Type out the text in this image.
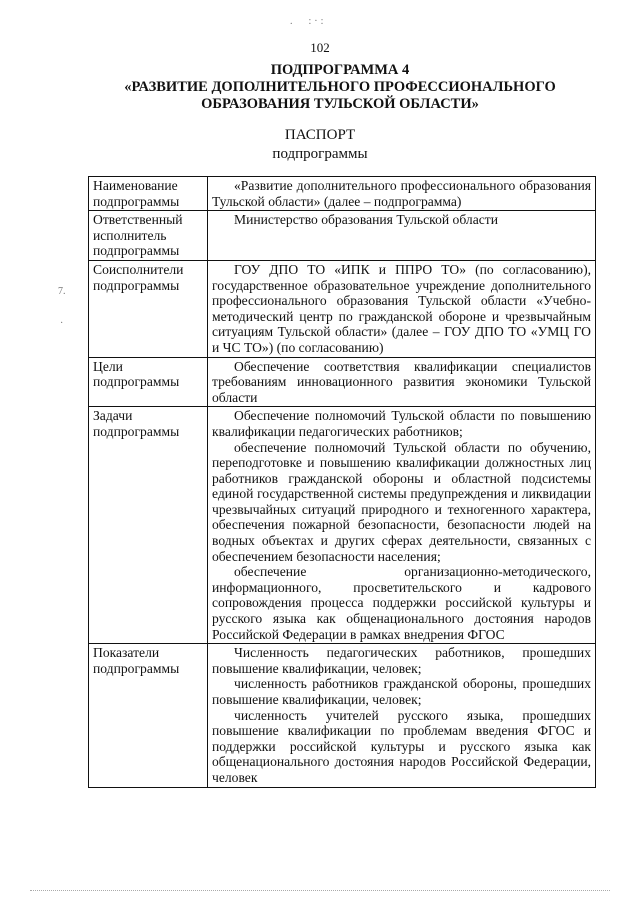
.　:·:
7.
·
102
ПОДПРОГРАММА 4
«РАЗВИТИЕ ДОПОЛНИТЕЛЬНОГО ПРОФЕССИОНАЛЬНОГО
ОБРАЗОВАНИЯ ТУЛЬСКОЙ ОБЛАСТИ»
ПАСПОРТ
подпрограммы
Наименование подпрограммы	«Развитие дополнительного профессионального образования Тульской области» (далее – подпрограмма)

Ответственный исполнитель подпрограммы	Министерство образования Тульской области

Соисполнители подпрограммы	ГОУ ДПО ТО «ИПК и ППРО ТО» (по согласованию), государственное образовательное учреждение дополнительного профессионального образования Тульской области «Учебно-методический центр по гражданской обороне и чрезвычайным ситуациям Тульской области» (далее – ГОУ ДПО ТО «УМЦ ГО и ЧС ТО») (по согласованию)

Цели подпрограммы	Обеспечение соответствия квалификации специалистов требованиям инновационного развития экономики Тульской области

Задачи подпрограммы	Обеспечение полномочий Тульской области по повышению квалификации педагогических работников;
обеспечение полномочий Тульской области по обучению, переподготовке и повышению квалификации должностных лиц работников гражданской обороны и областной подсистемы единой государственной системы предупреждения и ликвидации чрезвычайных ситуаций природного и техногенного характера, обеспечения пожарной безопасности, безопасности людей на водных объектах и других сферах деятельности, связанных с обеспечением безопасности населения;
обеспечение организационно-методического, информационного, просветительского и кадрового сопровождения процесса поддержки российской культуры и русского языка как общенационального достояния народов Российской Федерации в рамках внедрения ФГОС

Показатели подпрограммы	Численность педагогических работников, прошедших повышение квалификации, человек;
численность работников гражданской обороны, прошедших повышение квалификации, человек;
численность учителей русского языка, прошедших повышение квалификации по проблемам введения ФГОС и поддержки российской культуры и русского языка как общенационального достояния народов Российской Федерации, человек
